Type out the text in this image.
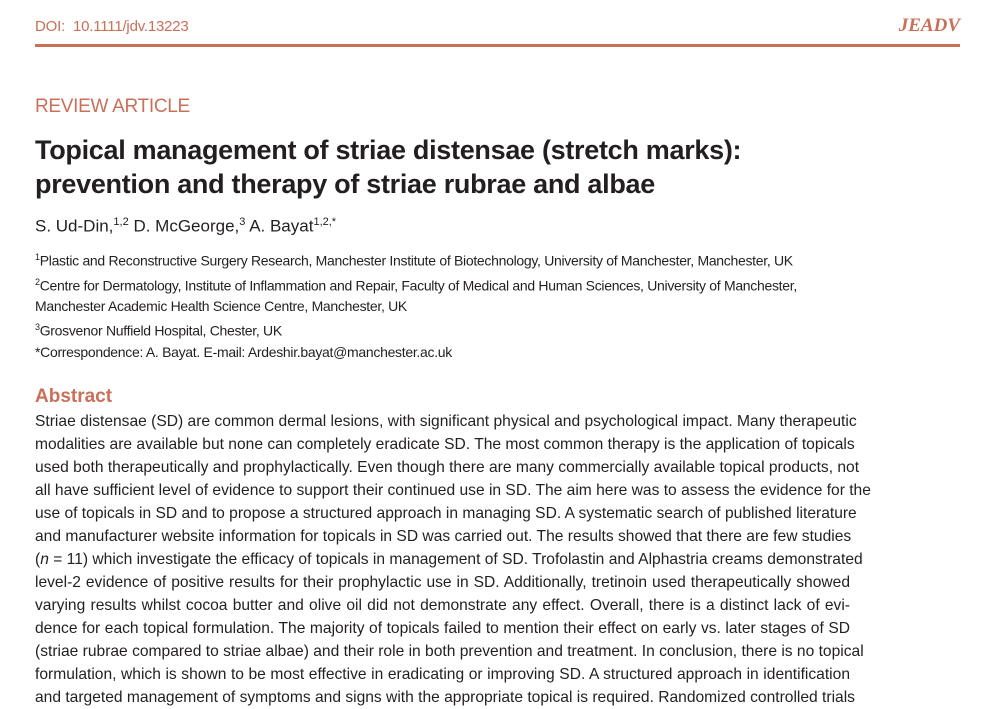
DOI: 10.1111/jdv.13223	JEADV
REVIEW ARTICLE
Topical management of striae distensae (stretch marks):
prevention and therapy of striae rubrae and albae
S. Ud-Din,$^{1,2}$ D. McGeorge,$^3$ A. Bayat$^{1,2,*}$
$^1$Plastic and Reconstructive Surgery Research, Manchester Institute of Biotechnology, University of Manchester, Manchester, UK
$^2$Centre for Dermatology, Institute of Inflammation and Repair, Faculty of Medical and Human Sciences, University of Manchester,
Manchester Academic Health Science Centre, Manchester, UK
$^3$Grosvenor Nuffield Hospital, Chester, UK
*Correspondence: A. Bayat. E-mail: Ardeshir.bayat@manchester.ac.uk
Abstract
Striae distensae (SD) are common dermal lesions, with significant physical and psychological impact. Many therapeutic
modalities are available but none can completely eradicate SD. The most common therapy is the application of topicals
used both therapeutically and prophylactically. Even though there are many commercially available topical products, not
all have sufficient level of evidence to support their continued use in SD. The aim here was to assess the evidence for the
use of topicals in SD and to propose a structured approach in managing SD. A systematic search of published literature
and manufacturer website information for topicals in SD was carried out. The results showed that there are few studies
(n = 11) which investigate the efficacy of topicals in management of SD. Trofolastin and Alphastria creams demonstrated
level-2 evidence of positive results for their prophylactic use in SD. Additionally, tretinoin used therapeutically showed
varying results whilst cocoa butter and olive oil did not demonstrate any effect. Overall, there is a distinct lack of evi-
dence for each topical formulation. The majority of topicals failed to mention their effect on early vs. later stages of SD
(striae rubrae compared to striae albae) and their role in both prevention and treatment. In conclusion, there is no topical
formulation, which is shown to be most effective in eradicating or improving SD. A structured approach in identification
and targeted management of symptoms and signs with the appropriate topical is required. Randomized controlled trials
